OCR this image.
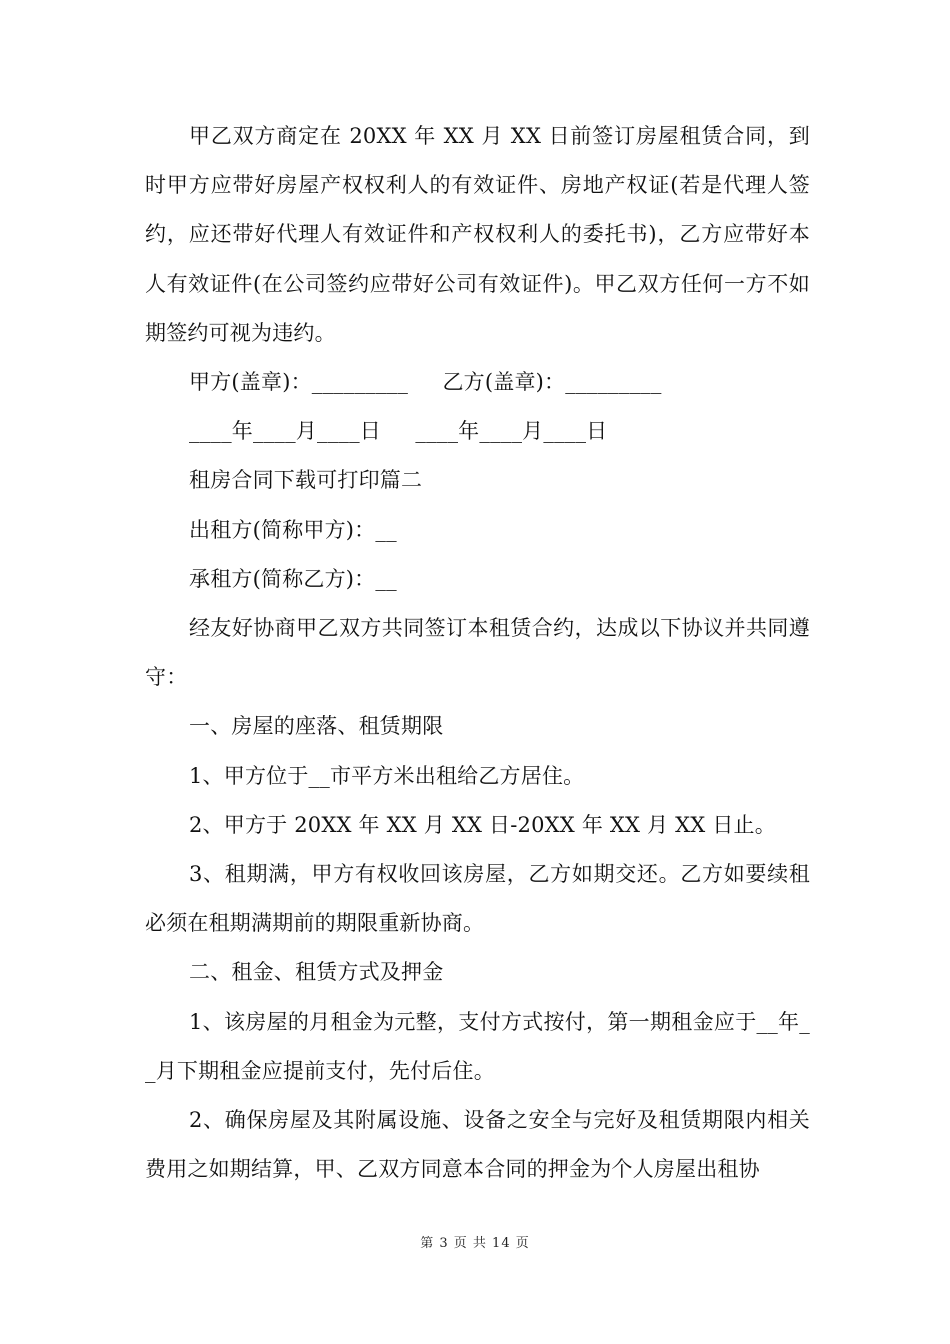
甲乙双方商定在 20XX 年 XX 月 XX 日前签订房屋租赁合同，到时甲方应带好房屋产权权利人的有效证件、房地产权证(若是代理人签约，应还带好代理人有效证件和产权权利人的委托书)，乙方应带好本人有效证件(在公司签约应带好公司有效证件)。甲乙双方任何一方不如期签约可视为违约。

甲方(盖章)：_________     乙方(盖章)：_________

____年____月____日     ____年____月____日

租房合同下载可打印篇二

出租方(简称甲方)：__

承租方(简称乙方)：__

经友好协商甲乙双方共同签订本租赁合约，达成以下协议并共同遵守：

一、房屋的座落、租赁期限

1、甲方位于__市平方米出租给乙方居住。

2、甲方于 20XX 年 XX 月 XX 日-20XX 年 XX 月 XX 日止。

3、租期满，甲方有权收回该房屋，乙方如期交还。乙方如要续租必须在租期满期前的期限重新协商。

二、租金、租赁方式及押金

1、该房屋的月租金为元整，支付方式按付，第一期租金应于__年__月下期租金应提前支付，先付后住。

2、确保房屋及其附属设施、设备之安全与完好及租赁期限内相关费用之如期结算，甲、乙双方同意本合同的押金为个人房屋出租协

第 3 页 共 14 页
